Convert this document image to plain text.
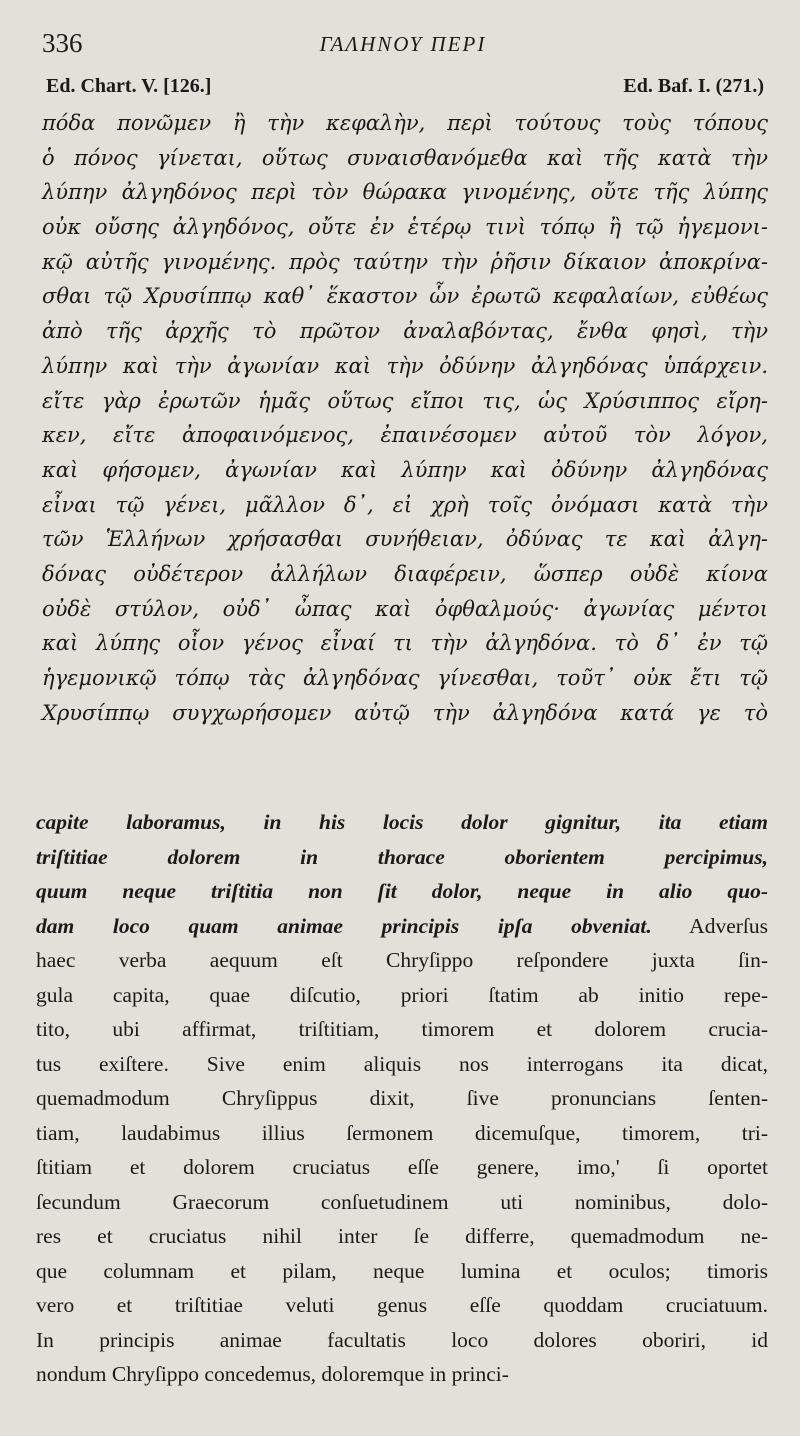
336	ΓΑΛΗΝΟΥ ΠΕΡΙ
Ed. Chart. V. [126.]	Ed. Baf. I. (271.)
πόδα πονῶμεν ἢ τὴν κεφαλὴν, περὶ τούτους τοὺς τόπους
ὁ πόνος γίνεται, οὕτως συναισθανόμεθα καὶ τῆς κατὰ τὴν
λύπην ἀλγηδόνος περὶ τὸν θώρακα γινομένης, οὔτε τῆς λύπης
οὐκ οὔσης ἀλγηδόνος, οὔτε ἐν ἑτέρῳ τινὶ τόπῳ ἢ τῷ ἡγεμονι-
κῷ αὐτῆς γινομένης. πρὸς ταύτην τὴν ῥῆσιν δίκαιον ἀποκρίνα-
σθαι τῷ Χρυσίππῳ καθ᾿ ἕκαστον ὧν ἐρωτῶ κεφαλαίων, εὐθέως
ἀπὸ τῆς ἀρχῆς τὸ πρῶτον ἀναλαβόντας, ἔνθα φησὶ, τὴν
λύπην καὶ τὴν ἀγωνίαν καὶ τὴν ὀδύνην ἀλγηδόνας ὑπάρχειν.
εἴτε γὰρ ἐρωτῶν ἡμᾶς οὕτως εἴποι τις, ὡς Χρύσιππος εἴρη-
κεν, εἴτε ἀποφαινόμενος, ἐπαινέσομεν αὐτοῦ τὸν λόγον,
καὶ φήσομεν, ἀγωνίαν καὶ λύπην καὶ ὀδύνην ἀλγηδόνας
εἶναι τῷ γένει, μᾶλλον δ᾿, εἰ χρὴ τοῖς ὀνόμασι κατὰ τὴν
τῶν Ἑλλήνων χρήσασθαι συνήθειαν, ὀδύνας τε καὶ ἀλγη-
δόνας οὐδέτερον ἀλλήλων διαφέρειν, ὥσπερ οὐδὲ κίονα
οὐδὲ στύλον, οὐδ᾿ ὦπας καὶ ὀφθαλμούς· ἀγωνίας μέντοι
καὶ λύπης οἷον γένος εἶναί τι τὴν ἀλγηδόνα. τὸ δ᾿ ἐν τῷ
ἡγεμονικῷ τόπῳ τὰς ἀλγηδόνας γίνεσθαι, τοῦτ᾿ οὐκ ἔτι τῷ
Χρυσίππῳ συγχωρήσομεν αὐτῷ τὴν ἀλγηδόνα κατά γε τὸ
capite laboramus, in his locis dolor gignitur, ita etiam
triſtitiae dolorem in thorace oborientem percipimus,
quum neque triſtitia non ſit dolor, neque in alio quo-
dam loco quam animae principis ipſa obveniat. Adverſus
haec verba aequum eſt Chryſippo reſpondere juxta ſin-
gula capita, quae diſcutio, priori ſtatim ab initio repe-
tito, ubi affirmat, triſtitiam, timorem et dolorem crucia-
tus exiſtere. Sive enim aliquis nos interrogans ita dicat,
quemadmodum Chryſippus dixit, ſive pronuncians ſenten-
tiam, laudabimus illius ſermonem dicemuſque, timorem, tri-
ſtitiam et dolorem cruciatus eſſe genere, imo,' ſi oportet
ſecundum Graecorum conſuetudinem uti nominibus, dolo-
res et cruciatus nihil inter ſe differre, quemadmodum ne-
que columnam et pilam, neque lumina et oculos; timoris
vero et triſtitiae veluti genus eſſe quoddam cruciatuum.
In principis animae facultatis loco dolores oboriri, id
nondum Chryſippo concedemus, doloremque in princi-
